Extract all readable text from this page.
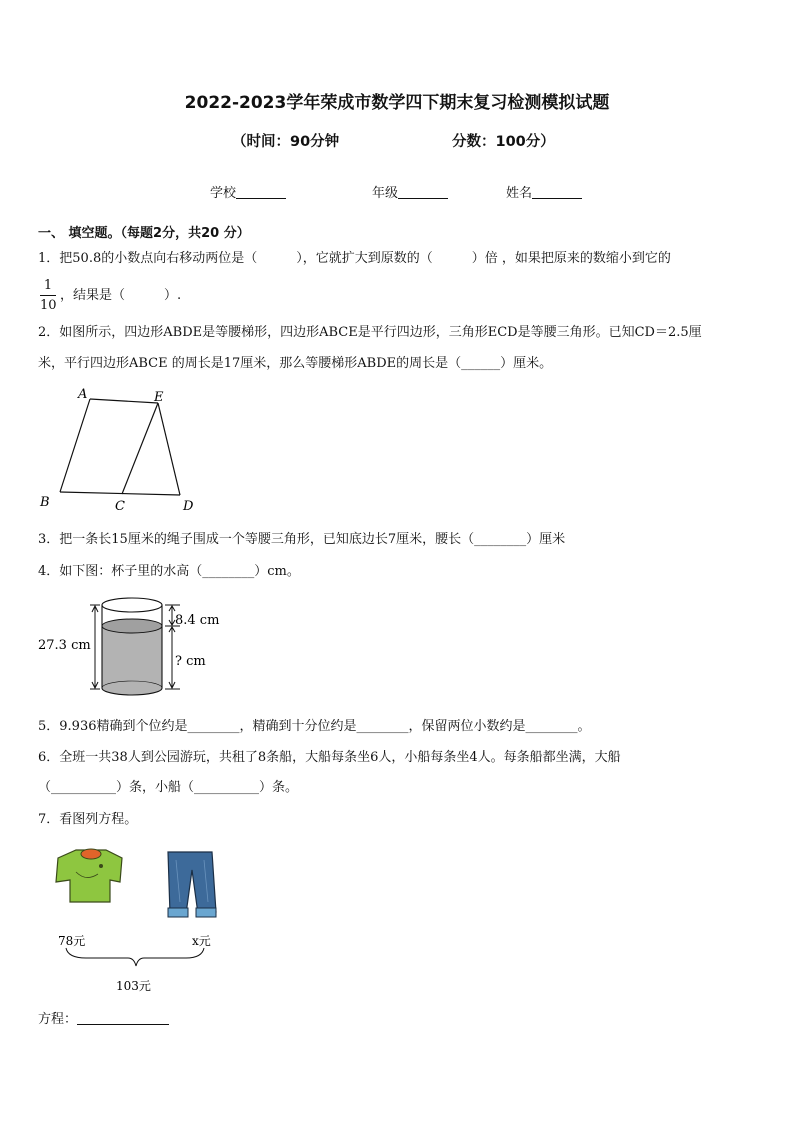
2022-2023学年荣成市数学四下期末复习检测模拟试题
（时间：90分钟	分数：100分）
学校	年级	姓名
一、 填空题。（每题2分，共20 分）
1．把50.8的小数点向右移动两位是（　　　），它就扩大到原数的（　　　）倍 ，如果把原来的数缩小到它的
1
10
，结果是（　　　）.
2．如图所示，四边形ABDE是等腰梯形，四边形ABCE是平行四边形，三角形ECD是等腰三角形。已知CD＝2.5厘
米，平行四边形ABCE 的周长是17厘米，那么等腰梯形ABDE的周长是（______）厘米。
A	E
B	C	D
3．把一条长15厘米的绳子围成一个等腰三角形，已知底边长7厘米，腰长（________）厘米
4．如下图：杯子里的水高（________）cm。
27.3 cm
8.4 cm
? cm
5．9.936精确到个位约是________，精确到十分位约是________，保留两位小数约是________。
6．全班一共38人到公园游玩，共租了8条船，大船每条坐6人，小船每条坐4人。每条船都坐满，大船
（__________）条，小船（__________）条。
7．看图列方程。
78元	x元
103元
方程：
